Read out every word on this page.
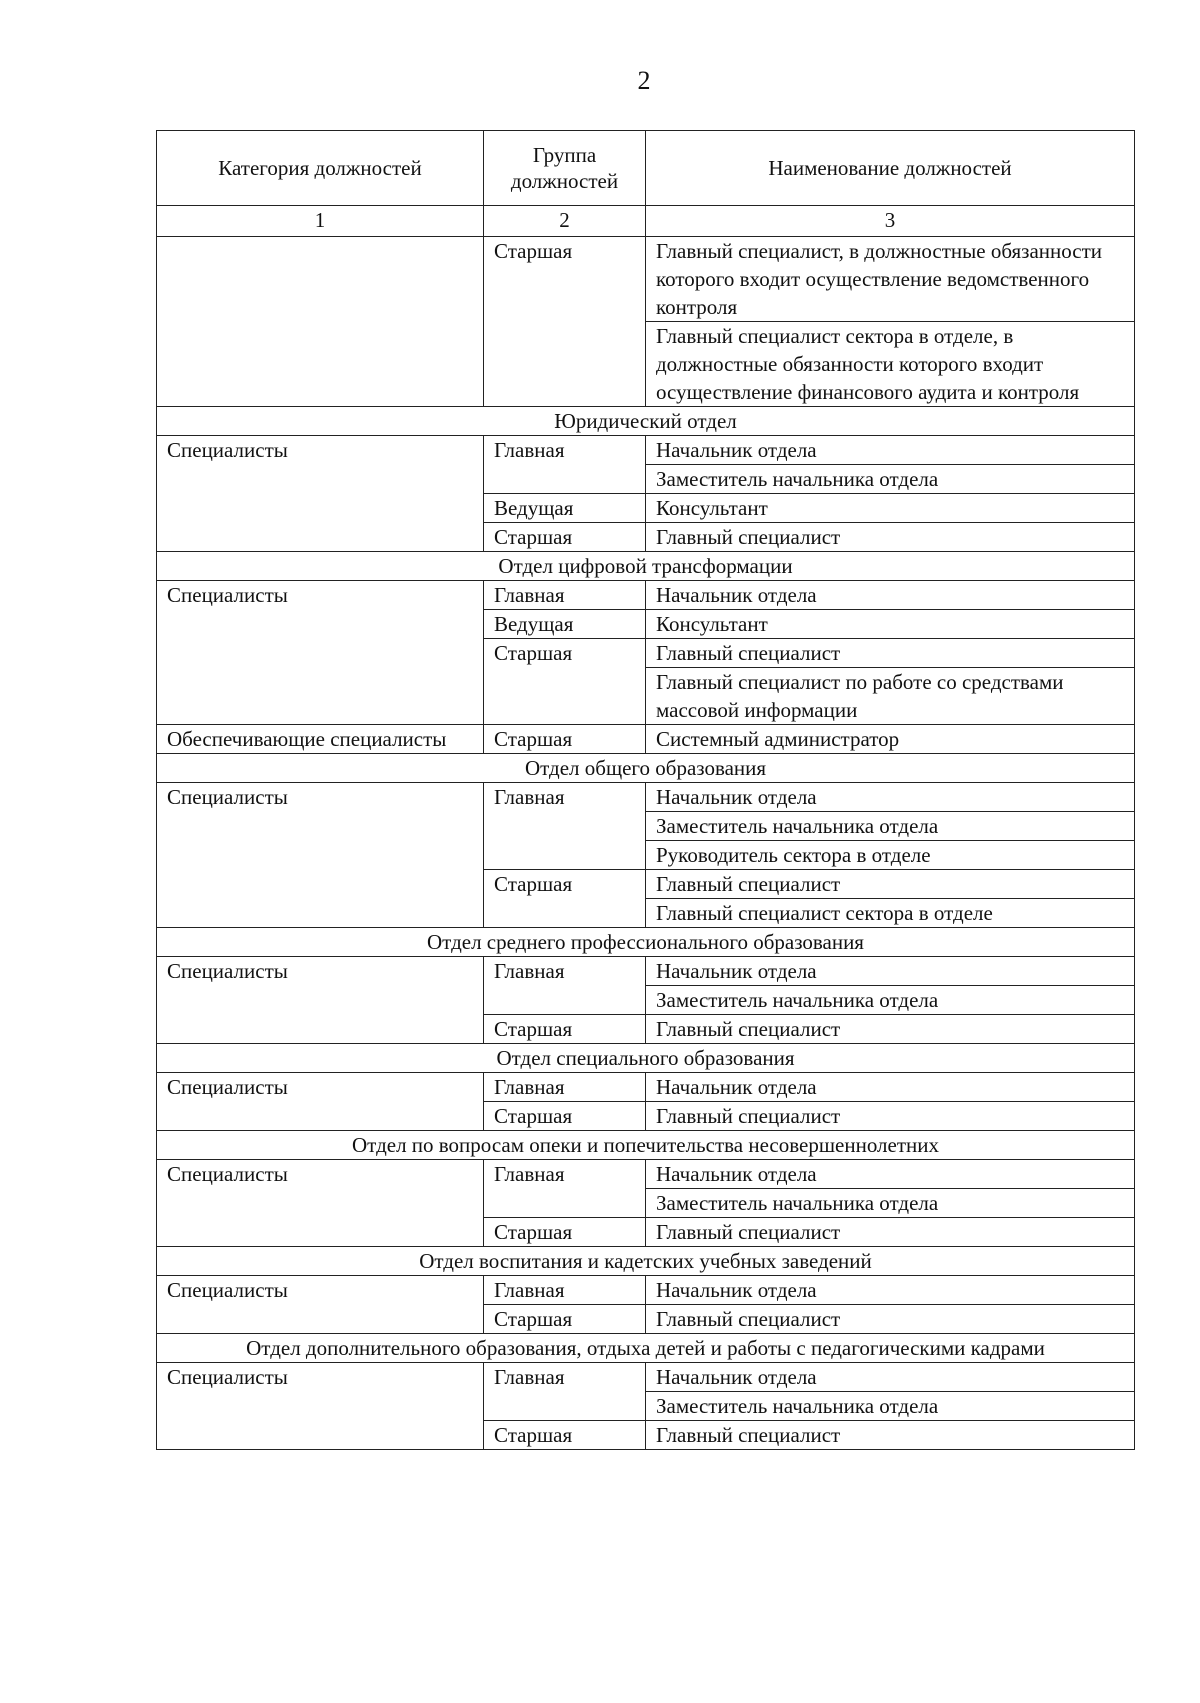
2
Категория должностей	Группа должностей	Наименование должностей
1	2	3
	Старшая	Главный специалист, в должностные обязанности которого входит осуществление ведомственного контроля
		Главный специалист сектора в отделе, в должностные обязанности которого входит осуществление финансового аудита и контроля
Юридический отдел		
Специалисты	Главная	Начальник отдела
		Заместитель начальника отдела
	Ведущая	Консультант
	Старшая	Главный специалист
Отдел цифровой трансформации		
Специалисты	Главная	Начальник отдела
	Ведущая	Консультант
	Старшая	Главный специалист
		Главный специалист по работе со средствами массовой информации
Обеспечивающие специалисты	Старшая	Системный администратор
Отдел общего образования		
Специалисты	Главная	Начальник отдела
		Заместитель начальника отдела
		Руководитель сектора в отделе
	Старшая	Главный специалист
		Главный специалист сектора в отделе
Отдел среднего профессионального образования		
Специалисты	Главная	Начальник отдела
		Заместитель начальника отдела
	Старшая	Главный специалист
Отдел специального образования		
Специалисты	Главная	Начальник отдела
	Старшая	Главный специалист
Отдел по вопросам опеки и попечительства несовершеннолетних		
Специалисты	Главная	Начальник отдела
		Заместитель начальника отдела
	Старшая	Главный специалист
Отдел воспитания и кадетских учебных заведений		
Специалисты	Главная	Начальник отдела
	Старшая	Главный специалист
Отдел дополнительного образования, отдыха детей и работы с педагогическими кадрами		
Специалисты	Главная	Начальник отдела
		Заместитель начальника отдела
	Старшая	Главный специалист
